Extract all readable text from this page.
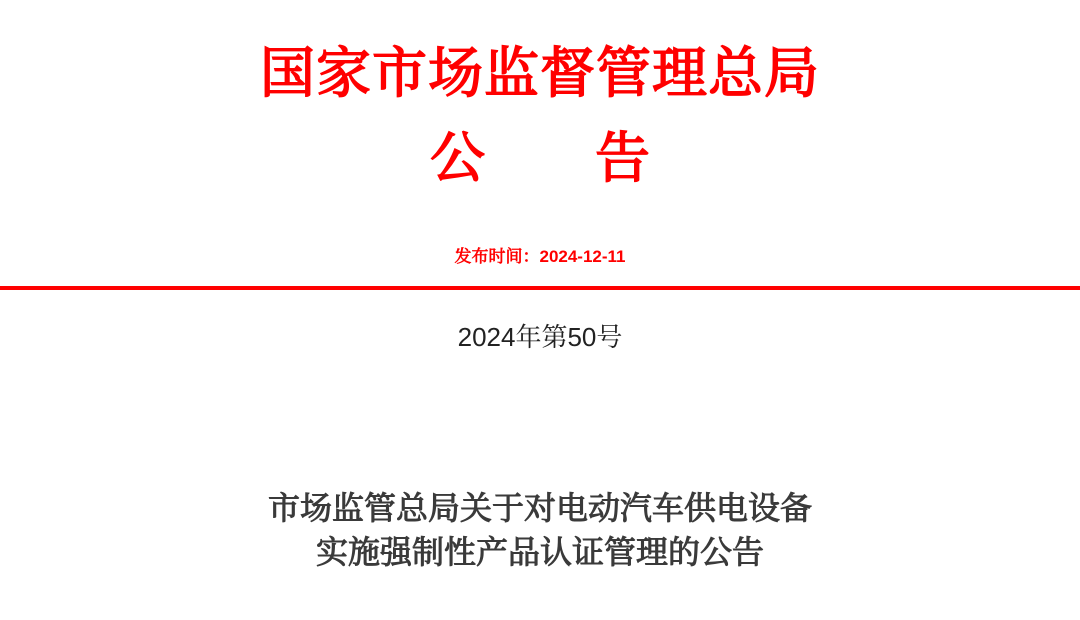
国家市场监督管理总局
公　　告
发布时间：2024-12-11
2024年第50号
市场监管总局关于对电动汽车供电设备
实施强制性产品认证管理的公告
